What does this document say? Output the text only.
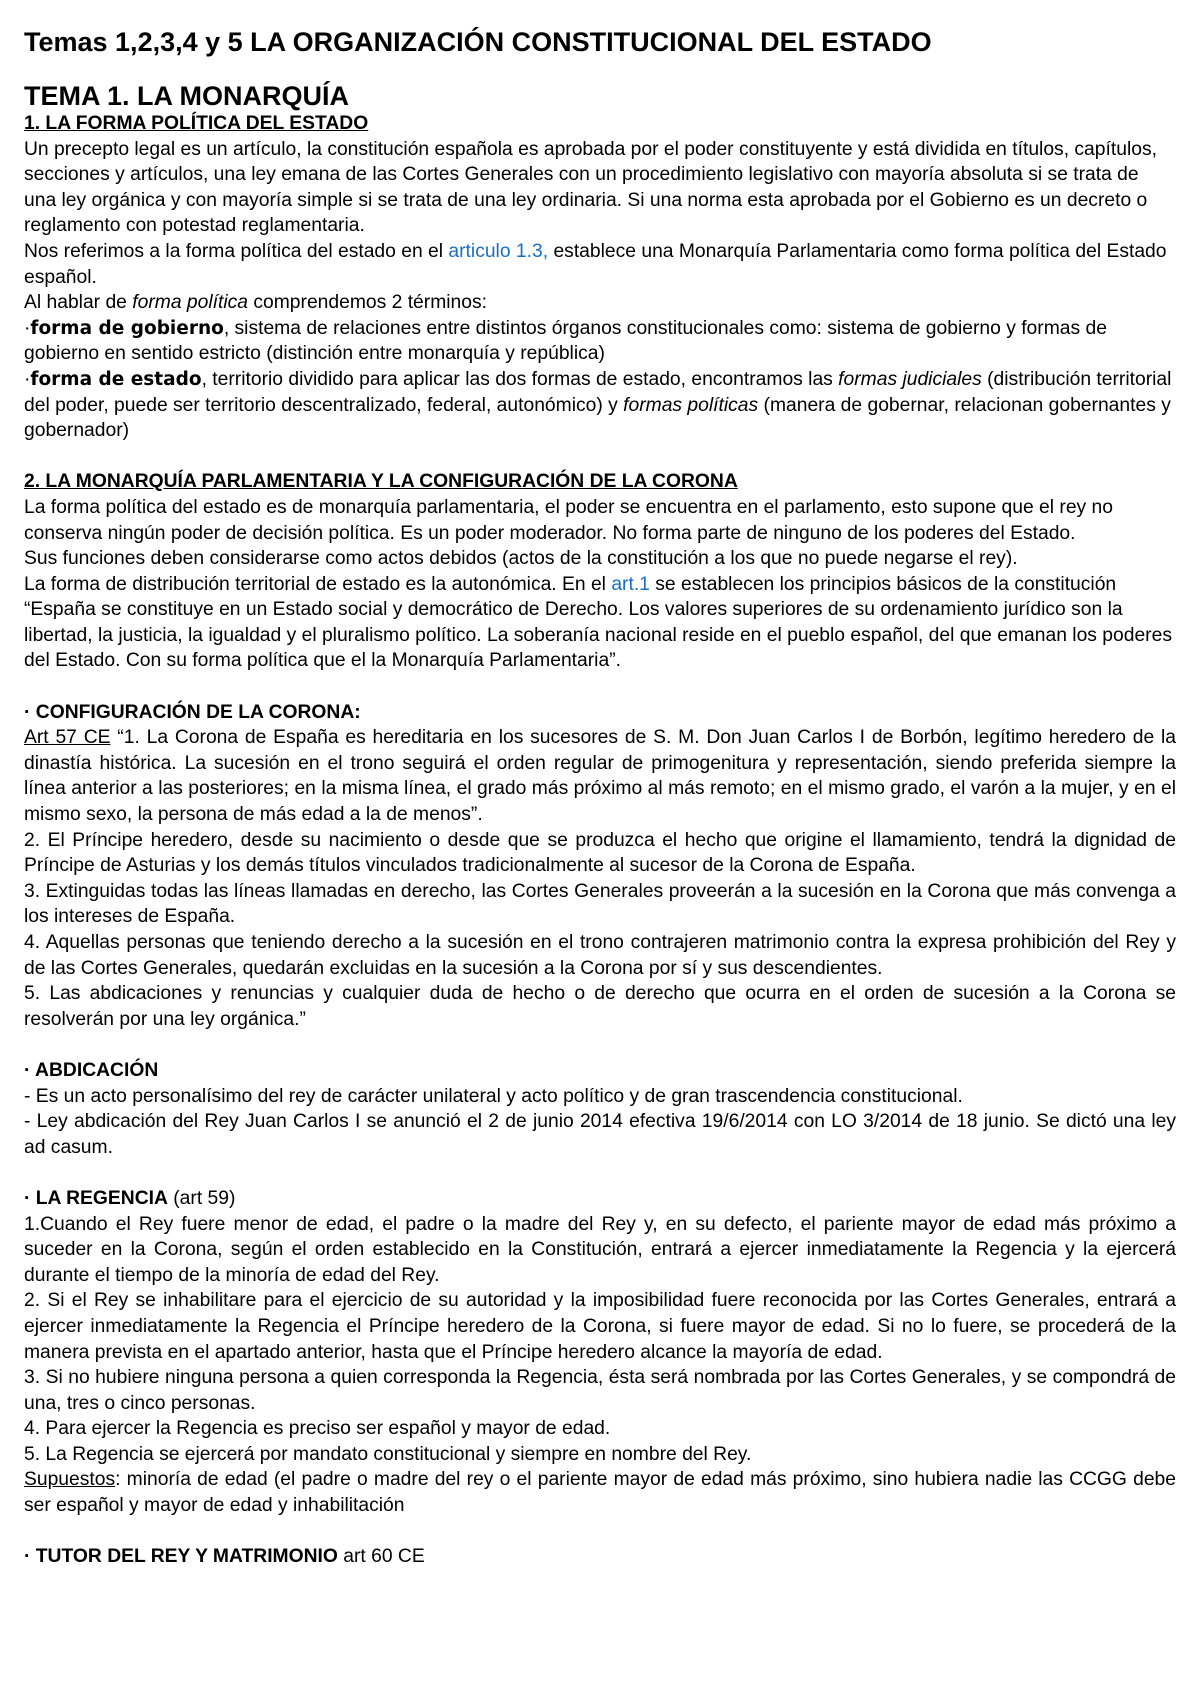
Temas 1,2,3,4 y 5 LA ORGANIZACIÓN CONSTITUCIONAL DEL ESTADO
TEMA 1. LA MONARQUÍA

1. LA FORMA POLÍTICA DEL ESTADO

Un precepto legal es un artículo, la constitución española es aprobada por el poder constituyente y está dividida en títulos, capítulos, secciones y artículos, una ley emana de las Cortes Generales con un procedimiento legislativo con mayoría absoluta si se trata de una ley orgánica y con mayoría simple si se trata de una ley ordinaria. Si una norma esta aprobada por el Gobierno es un decreto o reglamento con potestad reglamentaria.

Nos referimos a la forma política del estado en el articulo 1.3, establece una Monarquía Parlamentaria como forma política del Estado español.

Al hablar de forma política comprendemos 2 términos:

·forma de gobierno, sistema de relaciones entre distintos órganos constitucionales como: sistema de gobierno y formas de gobierno en sentido estricto (distinción entre monarquía y república)

·forma de estado, territorio dividido para aplicar las dos formas de estado, encontramos las formas judiciales (distribución territorial del poder, puede ser territorio descentralizado, federal, autonómico) y formas políticas (manera de gobernar, relacionan gobernantes y gobernador)

2. LA MONARQUÍA PARLAMENTARIA Y LA CONFIGURACIÓN DE LA CORONA

La forma política del estado es de monarquía parlamentaria, el poder se encuentra en el parlamento, esto supone que el rey no conserva ningún poder de decisión política. Es un poder moderador. No forma parte de ninguno de los poderes del Estado.

Sus funciones deben considerarse como actos debidos (actos de la constitución a los que no puede negarse el rey).

La forma de distribución territorial de estado es la autonómica. En el art.1 se establecen los principios básicos de la constitución “España se constituye en un Estado social y democrático de Derecho. Los valores superiores de su ordenamiento jurídico son la libertad, la justicia, la igualdad y el pluralismo político. La soberanía nacional reside en el pueblo español, del que emanan los poderes del Estado. Con su forma política que el la Monarquía Parlamentaria”.

· CONFIGURACIÓN DE LA CORONA:

Art 57 CE “1. La Corona de España es hereditaria en los sucesores de S. M. Don Juan Carlos I de Borbón, legítimo heredero de la dinastía histórica. La sucesión en el trono seguirá el orden regular de primogenitura y representación, siendo preferida siempre la línea anterior a las posteriores; en la misma línea, el grado más próximo al más remoto; en el mismo grado, el varón a la mujer, y en el mismo sexo, la persona de más edad a la de menos”.

2. El Príncipe heredero, desde su nacimiento o desde que se produzca el hecho que origine el llamamiento, tendrá la dignidad de Príncipe de Asturias y los demás títulos vinculados tradicionalmente al sucesor de la Corona de España.

3. Extinguidas todas las líneas llamadas en derecho, las Cortes Generales proveerán a la sucesión en la Corona que más convenga a los intereses de España.

4. Aquellas personas que teniendo derecho a la sucesión en el trono contrajeren matrimonio contra la expresa prohibición del Rey y de las Cortes Generales, quedarán excluidas en la sucesión a la Corona por sí y sus descendientes.

5. Las abdicaciones y renuncias y cualquier duda de hecho o de derecho que ocurra en el orden de sucesión a la Corona se resolverán por una ley orgánica.”

· ABDICACIÓN

- Es un acto personalísimo del rey de carácter unilateral y acto político y de gran trascendencia constitucional.

- Ley abdicación del Rey Juan Carlos I se anunció el 2 de junio 2014 efectiva 19/6/2014 con LO 3/2014 de 18 junio. Se dictó una ley ad casum.

· LA REGENCIA (art 59)

1.Cuando el Rey fuere menor de edad, el padre o la madre del Rey y, en su defecto, el pariente mayor de edad más próximo a suceder en la Corona, según el orden establecido en la Constitución, entrará a ejercer inmediatamente la Regencia y la ejercerá durante el tiempo de la minoría de edad del Rey.

2. Si el Rey se inhabilitare para el ejercicio de su autoridad y la imposibilidad fuere reconocida por las Cortes Generales, entrará a ejercer inmediatamente la Regencia el Príncipe heredero de la Corona, si fuere mayor de edad. Si no lo fuere, se procederá de la manera prevista en el apartado anterior, hasta que el Príncipe heredero alcance la mayoría de edad.

3. Si no hubiere ninguna persona a quien corresponda la Regencia, ésta será nombrada por las Cortes Generales, y se compondrá de una, tres o cinco personas.

4. Para ejercer la Regencia es preciso ser español y mayor de edad.

5. La Regencia se ejercerá por mandato constitucional y siempre en nombre del Rey.

Supuestos: minoría de edad (el padre o madre del rey o el pariente mayor de edad más próximo, sino hubiera nadie las CCGG debe ser español y mayor de edad y inhabilitación

· TUTOR DEL REY Y MATRIMONIO art 60 CE
